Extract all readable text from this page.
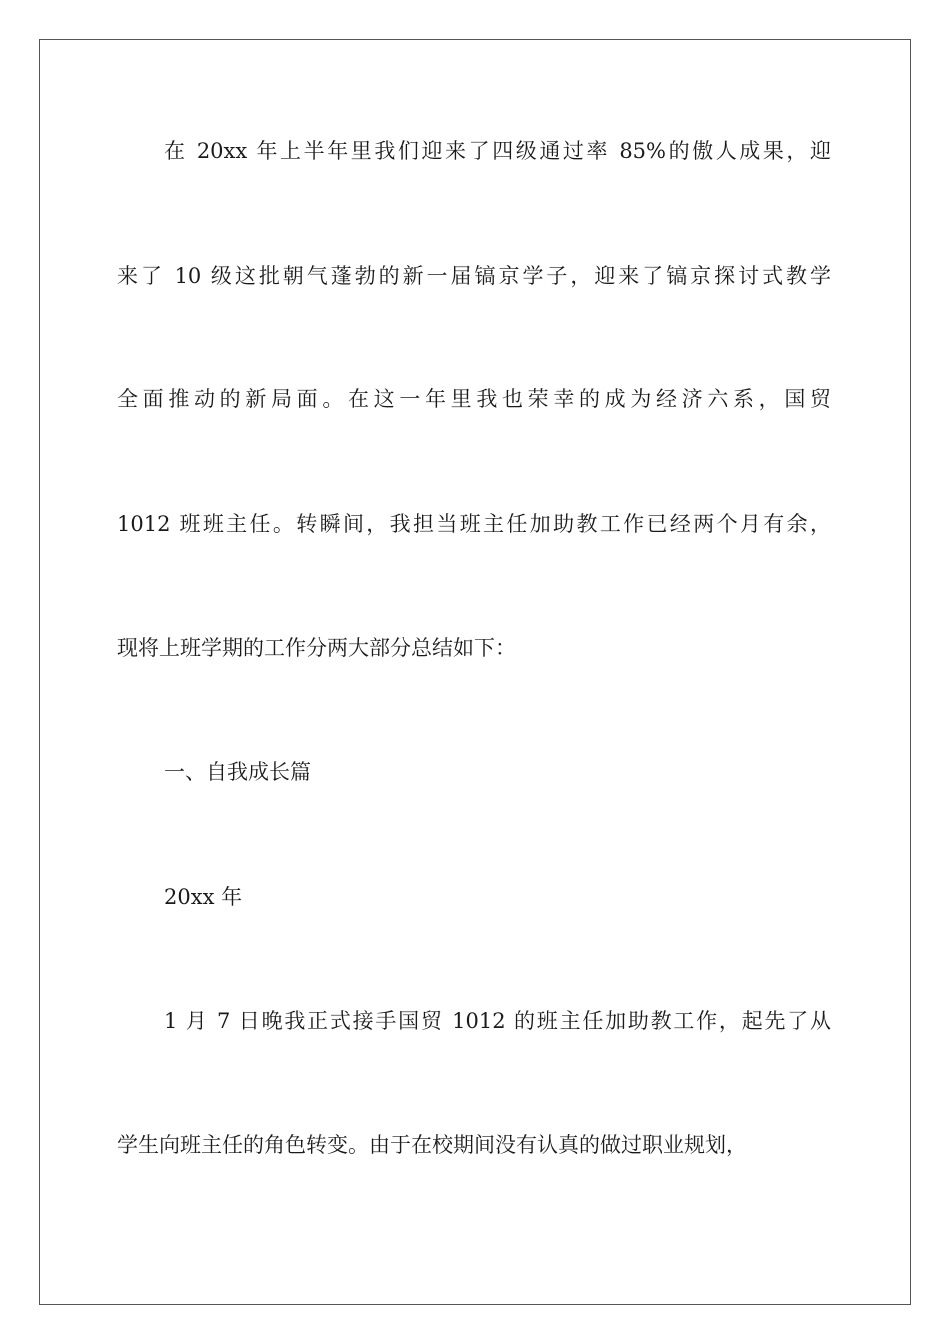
在 20xx 年上半年里我们迎来了四级通过率 85%的傲人成果，迎
来了 10 级这批朝气蓬勃的新一届镐京学子，迎来了镐京探讨式教学
全面推动的新局面。在这一年里我也荣幸的成为经济六系，国贸
1012 班班主任。转瞬间，我担当班主任加助教工作已经两个月有余，
现将上班学期的工作分两大部分总结如下：
一、自我成长篇
20xx 年
1 月 7 日晚我正式接手国贸 1012 的班主任加助教工作，起先了从
学生向班主任的角色转变。由于在校期间没有认真的做过职业规划，
